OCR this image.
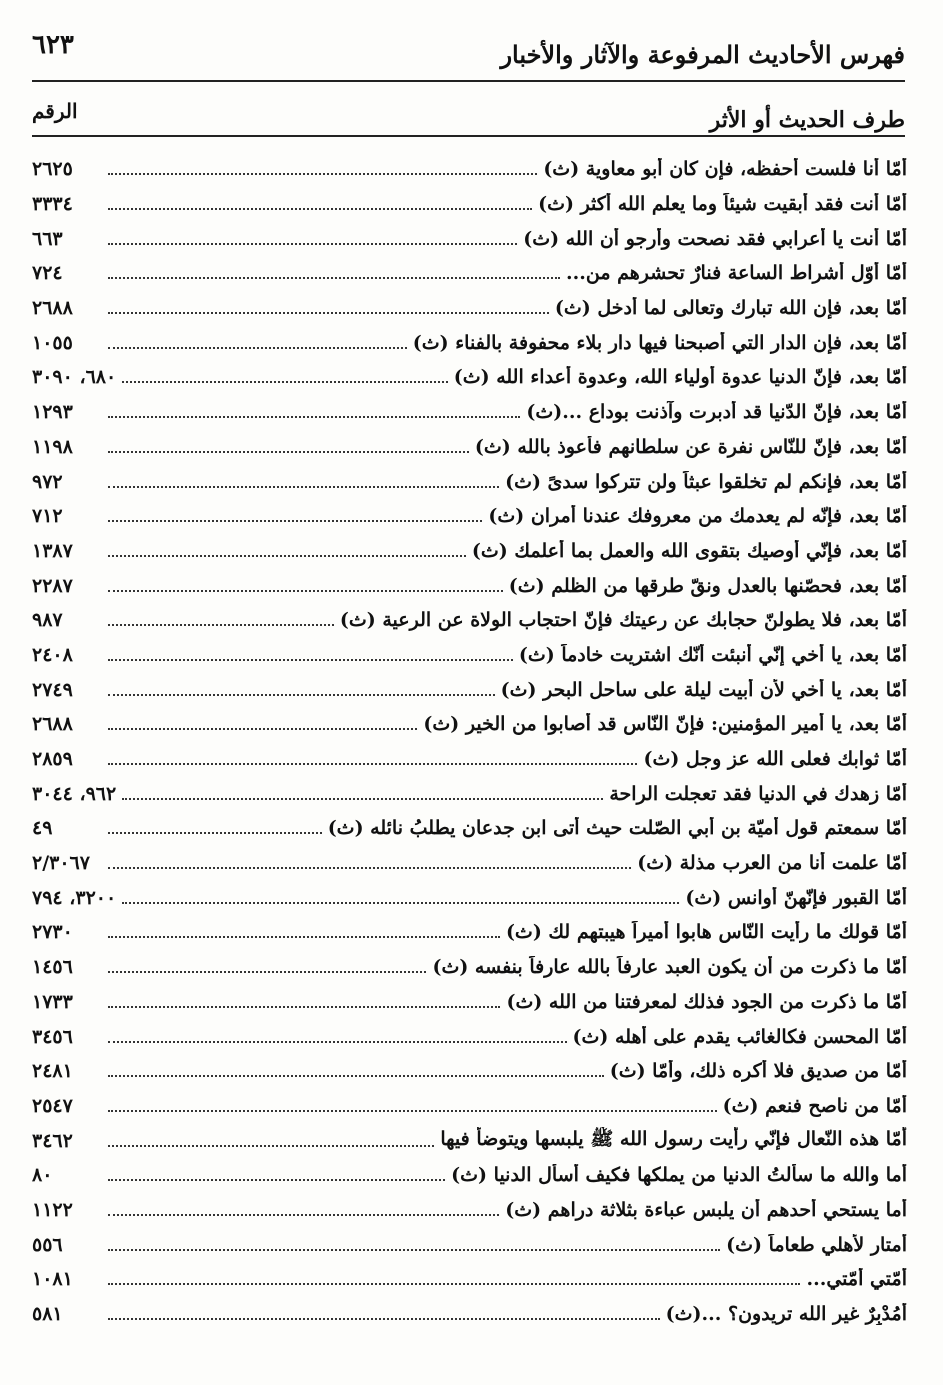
فهرس الأحاديث المرفوعة والآثار والأخبار
٦٢٣
طرف الحديث أو الأثر
الرقم
أمّا أنا فلست أحفظه، فإن كان أبو معاوية (ث)
٢٦٢٥
أمّا أنت فقد أبقيت شيئاً وما يعلم الله أكثر (ث)
٣٣٣٤
أمّا أنت يا أعرابي فقد نصحت وأرجو أن الله (ث)
٦٦٣
أمّا أوّل أشراط الساعة فنارٌ تحشرهم من...
٧٢٤
أمّا بعد، فإن الله تبارك وتعالى لما أدخل (ث)
٢٦٨٨
أمّا بعد، فإن الدار التي أصبحنا فيها دار بلاء محفوفة بالفناء (ث)
١٠٥٥
أمّا بعد، فإنّ الدنيا عدوة أولياء الله، وعدوة أعداء الله (ث)
٦٨٠، ٣٠٩٠
أمّا بعد، فإنّ الدّنيا قد أدبرت وآذنت بوداع ...(ث)
١٢٩٣
أمّا بعد، فإنّ للنّاس نفرة عن سلطانهم فأعوذ بالله (ث)
١١٩٨
أمّا بعد، فإنكم لم تخلقوا عبثاً ولن تتركوا سدىً (ث)
٩٧٢
أمّا بعد، فإنّه لم يعدمك من معروفك عندنا أمران (ث)
٧١٢
أمّا بعد، فإنّي أوصيك بتقوى الله والعمل بما أعلمك (ث)
١٣٨٧
أمّا بعد، فحصّنها بالعدل ونقّ طرقها من الظلم (ث)
٢٢٨٧
أمّا بعد، فلا يطولنّ حجابك عن رعيتك فإنّ احتجاب الولاة عن الرعية (ث)
٩٨٧
أمّا بعد، يا أخي إنّي أُنبئت أنّك اشتريت خادماً (ث)
٢٤٠٨
أمّا بعد، يا أخي لأن أبيت ليلة على ساحل البحر (ث)
٢٧٤٩
أمّا بعد، يا أمير المؤمنين: فإنّ النّاس قد أصابوا من الخير (ث)
٢٦٨٨
أمّا ثوابك فعلى الله عز وجل (ث)
٢٨٥٩
أمّا زهدك في الدنيا فقد تعجلت الراحة
٩٦٢، ٣٠٤٤
أمّا سمعتم قول أميّة بن أبي الصّلت حيث أتى ابن جدعان يطلبُ نائله (ث)
٤٩
أمّا علمت أنا من العرب مذلة (ث)
٢/٣٠٦٧
أمّا القبور فإنّهنّ أوانس (ث)
٣٢٠٠، ٧٩٤
أمّا قولك ما رأيت النّاس هابوا أميراً هيبتهم لك (ث)
٢٧٣٠
أمّا ما ذكرت من أن يكون العبد عارفاً بالله عارفاً بنفسه (ث)
١٤٥٦
أمّا ما ذكرت من الجود فذلك لمعرفتنا من الله (ث)
١٧٣٣
أمّا المحسن فكالغائب يقدم على أهله (ث)
٣٤٥٦
أمّا من صديقٍ فلا أكره ذلك، وأمّا (ث)
٢٤٨١
أمّا من ناصح فنعم (ث)
٢٥٤٧
أمّا هذه النّعال فإنّي رأيت رسول الله ﷺ يلبسها ويتوضأ فيها
٣٤٦٢
أما والله ما سألتُ الدنيا من يملكها فكيف أسأل الدنيا (ث)
٨٠
أما يستحي أحدهم أن يلبس عباءة بثلاثة دراهم (ث)
١١٢٢
أمتار لأهلي طعاماً (ث)
٥٥٦
أُمّتي أمّتي...
١٠٨١
أَمُدْبِرٌ غير الله تريدون؟ ...(ث)
٥٨١
